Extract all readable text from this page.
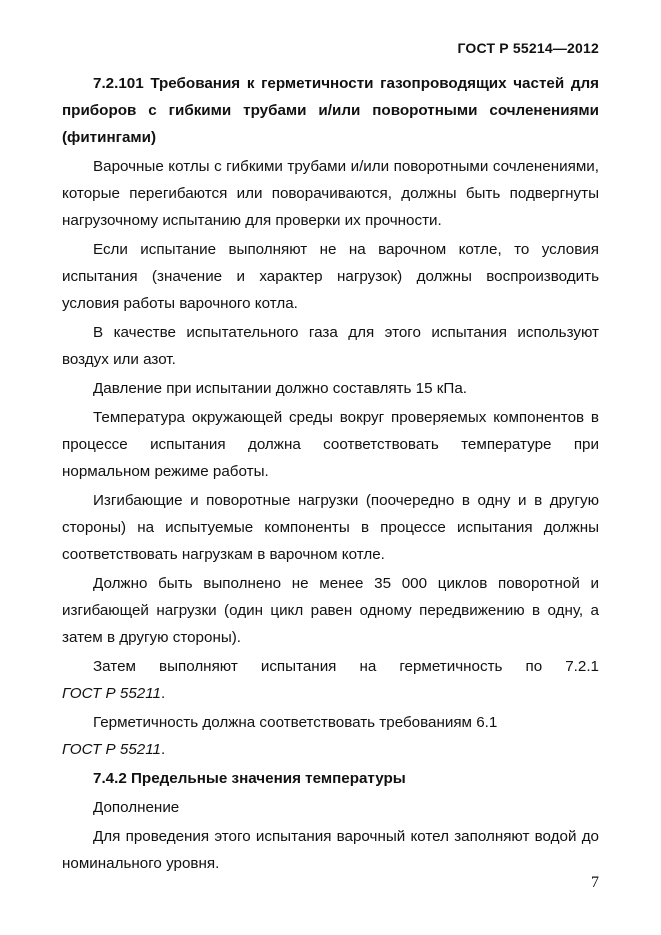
ГОСТ Р 55214—2012

7.2.101 Требования к герметичности газопроводящих частей для приборов с гибкими трубами и/или поворотными сочленениями (фитингами)

Варочные котлы с гибкими трубами и/или поворотными сочленениями, которые перегибаются или поворачиваются, должны быть подвергнуты нагрузочному испытанию для проверки их прочности.

Если испытание выполняют не на варочном котле, то условия испытания (значение и характер нагрузок) должны воспроизводить условия работы варочного котла.

В качестве испытательного газа для этого испытания используют воздух или азот.

Давление при испытании должно составлять 15 кПа.

Температура окружающей среды вокруг проверяемых компонентов в процессе испытания должна соответствовать температуре при нормальном режиме работы.

Изгибающие и поворотные нагрузки (поочередно в одну и в другую стороны) на испытуемые компоненты в процессе испытания должны соответствовать нагрузкам в варочном котле.

Должно быть выполнено не менее 35 000 циклов поворотной и изгибающей нагрузки (один цикл равен одному передвижению в одну, а затем в другую стороны).

Затем выполняют испытания на герметичность по 7.2.1

ГОСТ Р 55211.

Герметичность должна соответствовать требованиям 6.1

ГОСТ Р 55211.

7.4.2 Предельные значения температуры

Дополнение

Для проведения этого испытания варочный котел заполняют водой до номинального уровня.

7
